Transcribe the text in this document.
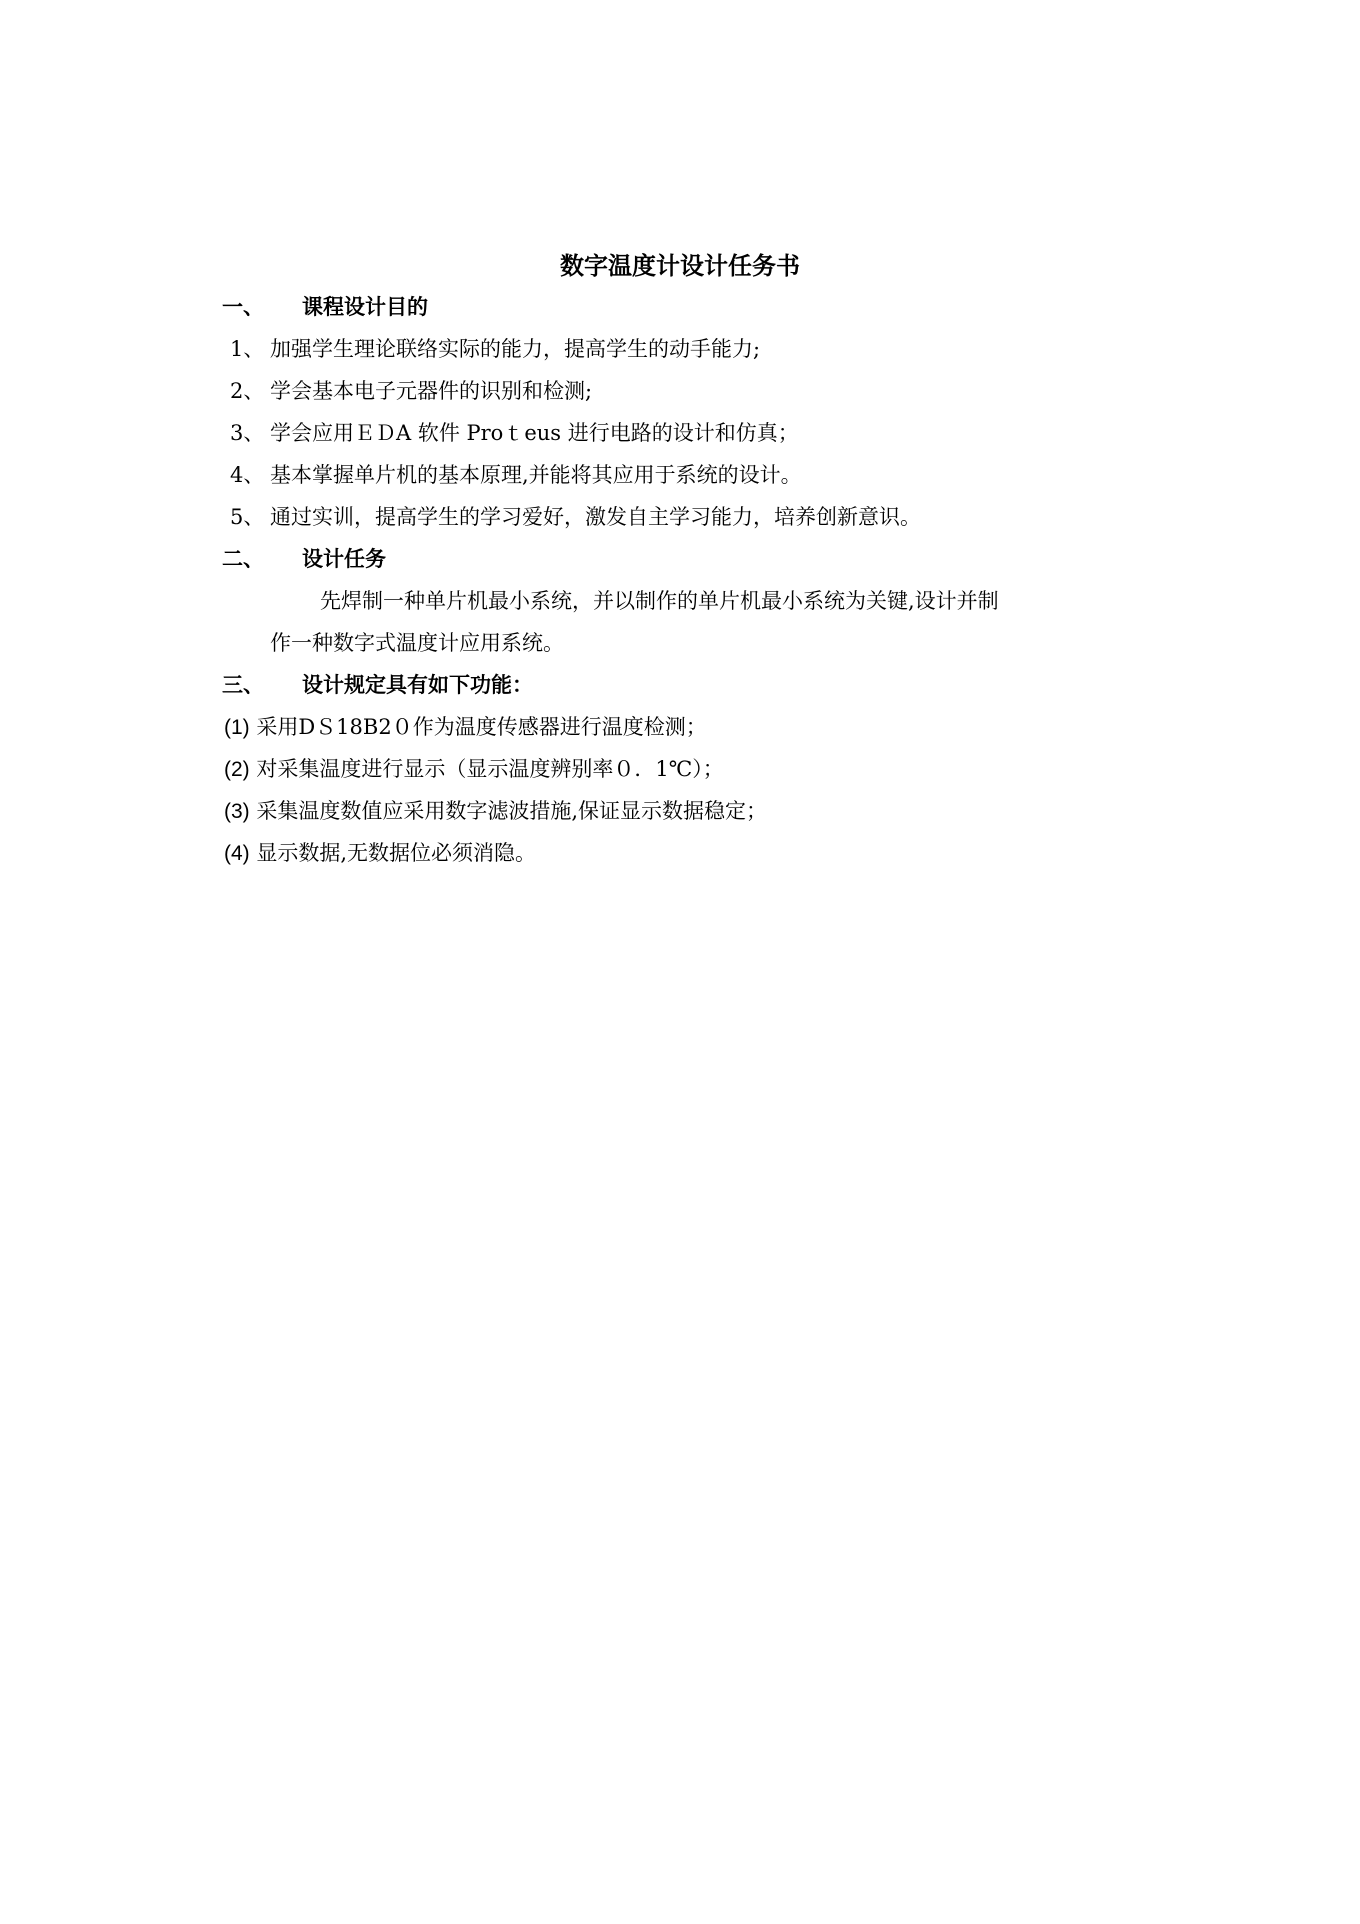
数字温度计设计任务书
一、 课程设计目的
1、 加强学生理论联络实际的能力，提高学生的动手能力;
2、 学会基本电子元器件的识别和检测;
3、 学会应用ＥＤA 软件 Proｔeus 进行电路的设计和仿真；
4、 基本掌握单片机的基本原理,并能将其应用于系统的设计。
5、 通过实训，提高学生的学习爱好，激发自主学习能力，培养创新意识。
二、 设计任务
先焊制一种单片机最小系统，并以制作的单片机最小系统为关键,设计并制
作一种数字式温度计应用系统。
三、 设计规定具有如下功能：
(1) 采用DＳ18B2０作为温度传感器进行温度检测；
(2) 对采集温度进行显示（显示温度辨别率０．1℃）；
(3) 采集温度数值应采用数字滤波措施,保证显示数据稳定；
(4) 显示数据,无数据位必须消隐。
